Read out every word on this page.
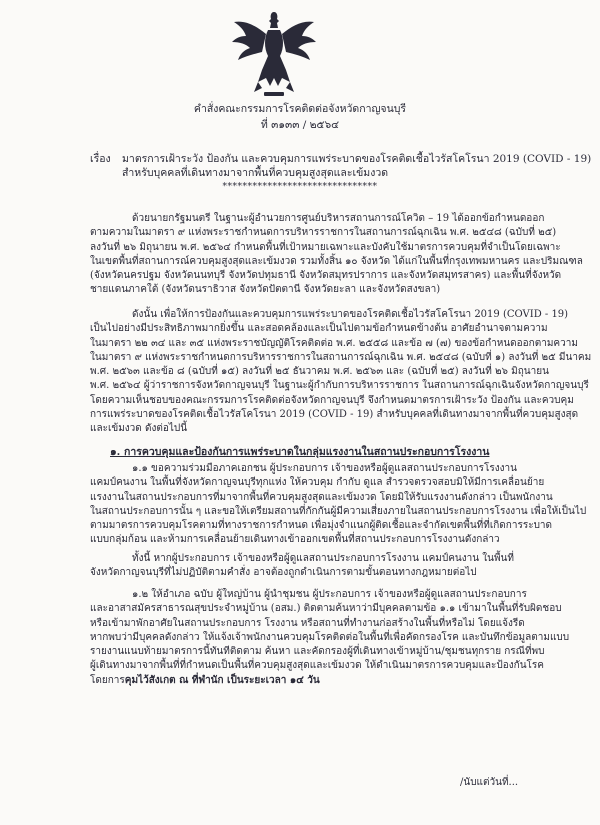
คำสั่งคณะกรรมการโรคติดต่อจังหวัดกาญจนบุรี
ที่ ๓๑๓๓ / ๒๕๖๔
เรื่อง มาตรการเฝ้าระวัง ป้องกัน และควบคุมการแพร่ระบาดของโรคติดเชื้อไวรัสโคโรนา 2019 (COVID - 19)
สำหรับบุคคลที่เดินทางมาจากพื้นที่ควบคุมสูงสุดและเข้มงวด
*******************************
ด้วยนายกรัฐมนตรี ในฐานะผู้อำนวยการศูนย์บริหารสถานการณ์โควิด – 19 ได้ออกข้อกำหนดออก
ตามความในมาตรา ๙ แห่งพระราชกำหนดการบริหารราชการในสถานการณ์ฉุกเฉิน พ.ศ. ๒๕๔๘ (ฉบับที่ ๒๕)
ลงวันที่ ๒๖ มิถุนายน พ.ศ. ๒๕๖๔ กำหนดพื้นที่เป้าหมายเฉพาะและบังคับใช้มาตรการควบคุมที่จำเป็นโดยเฉพาะ
ในเขตพื้นที่สถานการณ์ควบคุมสูงสุดและเข้มงวด รวมทั้งสิ้น ๑๐ จังหวัด ได้แก่ในพื้นที่กรุงเทพมหานคร และปริมณฑล
(จังหวัดนครปฐม จังหวัดนนทบุรี จังหวัดปทุมธานี จังหวัดสมุทรปราการ และจังหวัดสมุทรสาคร) และพื้นที่จังหวัด
ชายแดนภาคใต้ (จังหวัดนราธิวาส จังหวัดปัตตานี จังหวัดยะลา และจังหวัดสงขลา)
ดังนั้น เพื่อให้การป้องกันและควบคุมการแพร่ระบาดของโรคติดเชื้อไวรัสโคโรนา 2019 (COVID - 19)
เป็นไปอย่างมีประสิทธิภาพมากยิ่งขึ้น และสอดคล้องและเป็นไปตามข้อกำหนดข้างต้น อาศัยอำนาจตามความ
ในมาตรา ๒๒ ๓๔ และ ๓๕ แห่งพระราชบัญญัติโรคติดต่อ พ.ศ. ๒๕๕๘ และข้อ ๗ (๗) ของข้อกำหนดออกตามความ
ในมาตรา ๙ แห่งพระราชกำหนดการบริหารราชการในสถานการณ์ฉุกเฉิน พ.ศ. ๒๕๔๘ (ฉบับที่ ๑) ลงวันที่ ๒๕ มีนาคม
พ.ศ. ๒๕๖๓ และข้อ ๘ (ฉบับที่ ๑๕) ลงวันที่ ๒๕ ธันวาคม พ.ศ. ๒๕๖๓ และ (ฉบับที่ ๒๕) ลงวันที่ ๒๖ มิถุนายน
พ.ศ. ๒๕๖๔ ผู้ว่าราชการจังหวัดกาญจนบุรี ในฐานะผู้กำกับการบริหารราชการ ในสถานการณ์ฉุกเฉินจังหวัดกาญจนบุรี
โดยความเห็นชอบของคณะกรรมการโรคติดต่อจังหวัดกาญจนบุรี จึงกำหนดมาตรการเฝ้าระวัง ป้องกัน และควบคุม
การแพร่ระบาดของโรคติดเชื้อไวรัสโคโรนา 2019 (COVID - 19) สำหรับบุคคลที่เดินทางมาจากพื้นที่ควบคุมสูงสุด
และเข้มงวด ดังต่อไปนี้
๑. การควบคุมและป้องกันการแพร่ระบาดในกลุ่มแรงงานในสถานประกอบการโรงงาน
๑.๑ ขอความร่วมมือภาคเอกชน ผู้ประกอบการ เจ้าของหรือผู้ดูแลสถานประกอบการโรงงาน
แคมป์คนงาน ในพื้นที่จังหวัดกาญจนบุรีทุกแห่ง ให้ควบคุม กำกับ ดูแล สำรวจตรวจสอบมิให้มีการเคลื่อนย้าย
แรงงานในสถานประกอบการที่มาจากพื้นที่ควบคุมสูงสุดและเข้มงวด โดยมิให้รับแรงงานดังกล่าว เป็นพนักงาน
ในสถานประกอบการนั้น ๆ และขอให้เตรียมสถานที่กักกันผู้มีความเสี่ยงภายในสถานประกอบการโรงงาน เพื่อให้เป็นไป
ตามมาตรการควบคุมโรคตามที่ทางราชการกำหนด เพื่อมุ่งจำแนกผู้ติดเชื้อและจำกัดเขตพื้นที่ที่เกิดการระบาด
แบบกลุ่มก้อน และห้ามการเคลื่อนย้ายเดินทางเข้าออกเขตพื้นที่สถานประกอบการโรงงานดังกล่าว
ทั้งนี้ หากผู้ประกอบการ เจ้าของหรือผู้ดูแลสถานประกอบการโรงงาน แคมป์คนงาน ในพื้นที่
จังหวัดกาญจนบุรีที่ไม่ปฏิบัติตามคำสั่ง อาจต้องถูกดำเนินการตามขั้นตอนทางกฎหมายต่อไป
๑.๒ ให้อำเภอ ฉบับ ผู้ใหญ่บ้าน ผู้นำชุมชน ผู้ประกอบการ เจ้าของหรือผู้ดูแลสถานประกอบการ
และอาสาสมัครสาธารณสุขประจำหมู่บ้าน (อสม.) ติดตามค้นหาว่ามีบุคคลตามข้อ ๑.๑ เข้ามาในพื้นที่รับผิดชอบ
หรือเข้ามาพักอาศัยในสถานประกอบการ โรงงาน หรือสถานที่ทำงานก่อสร้างในพื้นที่หรือไม่ โดยแจ้งรีด
หากพบว่ามีบุคคลดังกล่าว ให้แจ้งเจ้าพนักงานควบคุมโรคติดต่อในพื้นที่เพื่อคัดกรองโรค และบันทึกข้อมูลตามแบบ
รายงานแนบท้ายมาตรการนี้ทันทีติดตาม ค้นหา และคัดกรองผู้ที่เดินทางเข้าหมู่บ้าน/ชุมชนทุกราย กรณีที่พบ
ผู้เดินทางมาจากพื้นที่ที่กำหนดเป็นพื้นที่ควบคุมสูงสุดและเข้มงวด ให้ดำเนินมาตรการควบคุมและป้องกันโรค
โดยการคุมไว้สังเกต ณ ที่พำนัก เป็นระยะเวลา ๑๔ วัน
/นับแต่วันที่...
